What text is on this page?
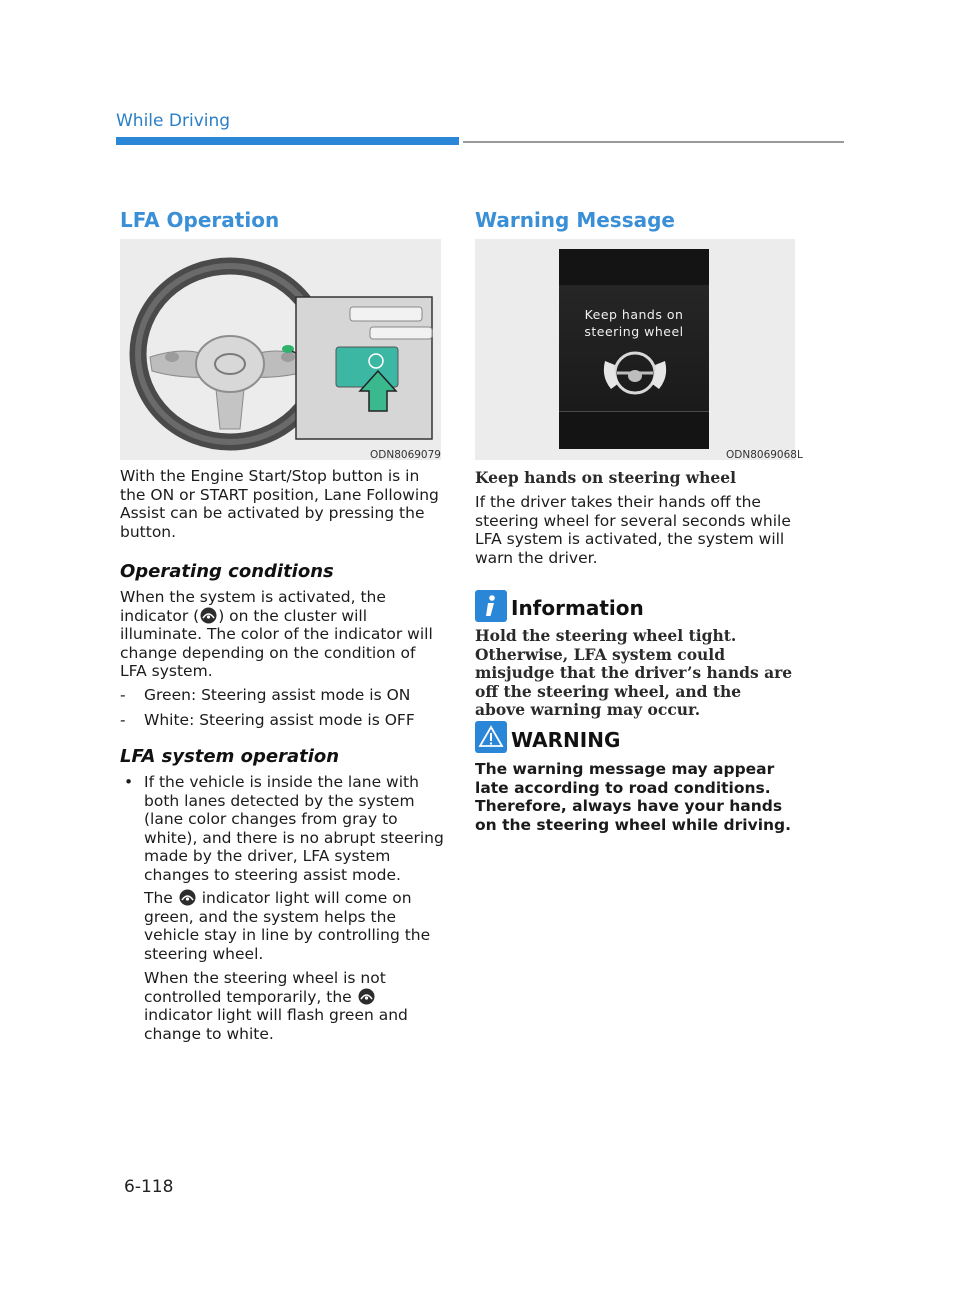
While Driving
LFA Operation
ODN8069079
With the Engine Start/Stop button is in the ON or START position, Lane Following Assist can be activated by pressing the button.
Operating conditions
When the system is activated, the indicator ( ) on the cluster will illuminate. The color of the indicator will change depending on the condition of LFA system.
- Green: Steering assist mode is ON
- White: Steering assist mode is OFF
LFA system operation
• If the vehicle is inside the lane with both lanes detected by the system (lane color changes from gray to white), and there is no abrupt steering made by the driver, LFA system changes to steering assist mode.
The indicator light will come on green, and the system helps the vehicle stay in line by controlling the steering wheel.
When the steering wheel is not controlled temporarily, the  indicator light will flash green and change to white.
Warning Message
Keep hands on steering wheel
ODN8069068L
Keep hands on steering wheel
If the driver takes their hands off the steering wheel for several seconds while LFA system is activated, the system will warn the driver.
Information
Hold the steering wheel tight. Otherwise, LFA system could misjudge that the driver’s hands are off the steering wheel, and the above warning may occur.
WARNING
The warning message may appear late according to road conditions. Therefore, always have your hands on the steering wheel while driving.
6-118
